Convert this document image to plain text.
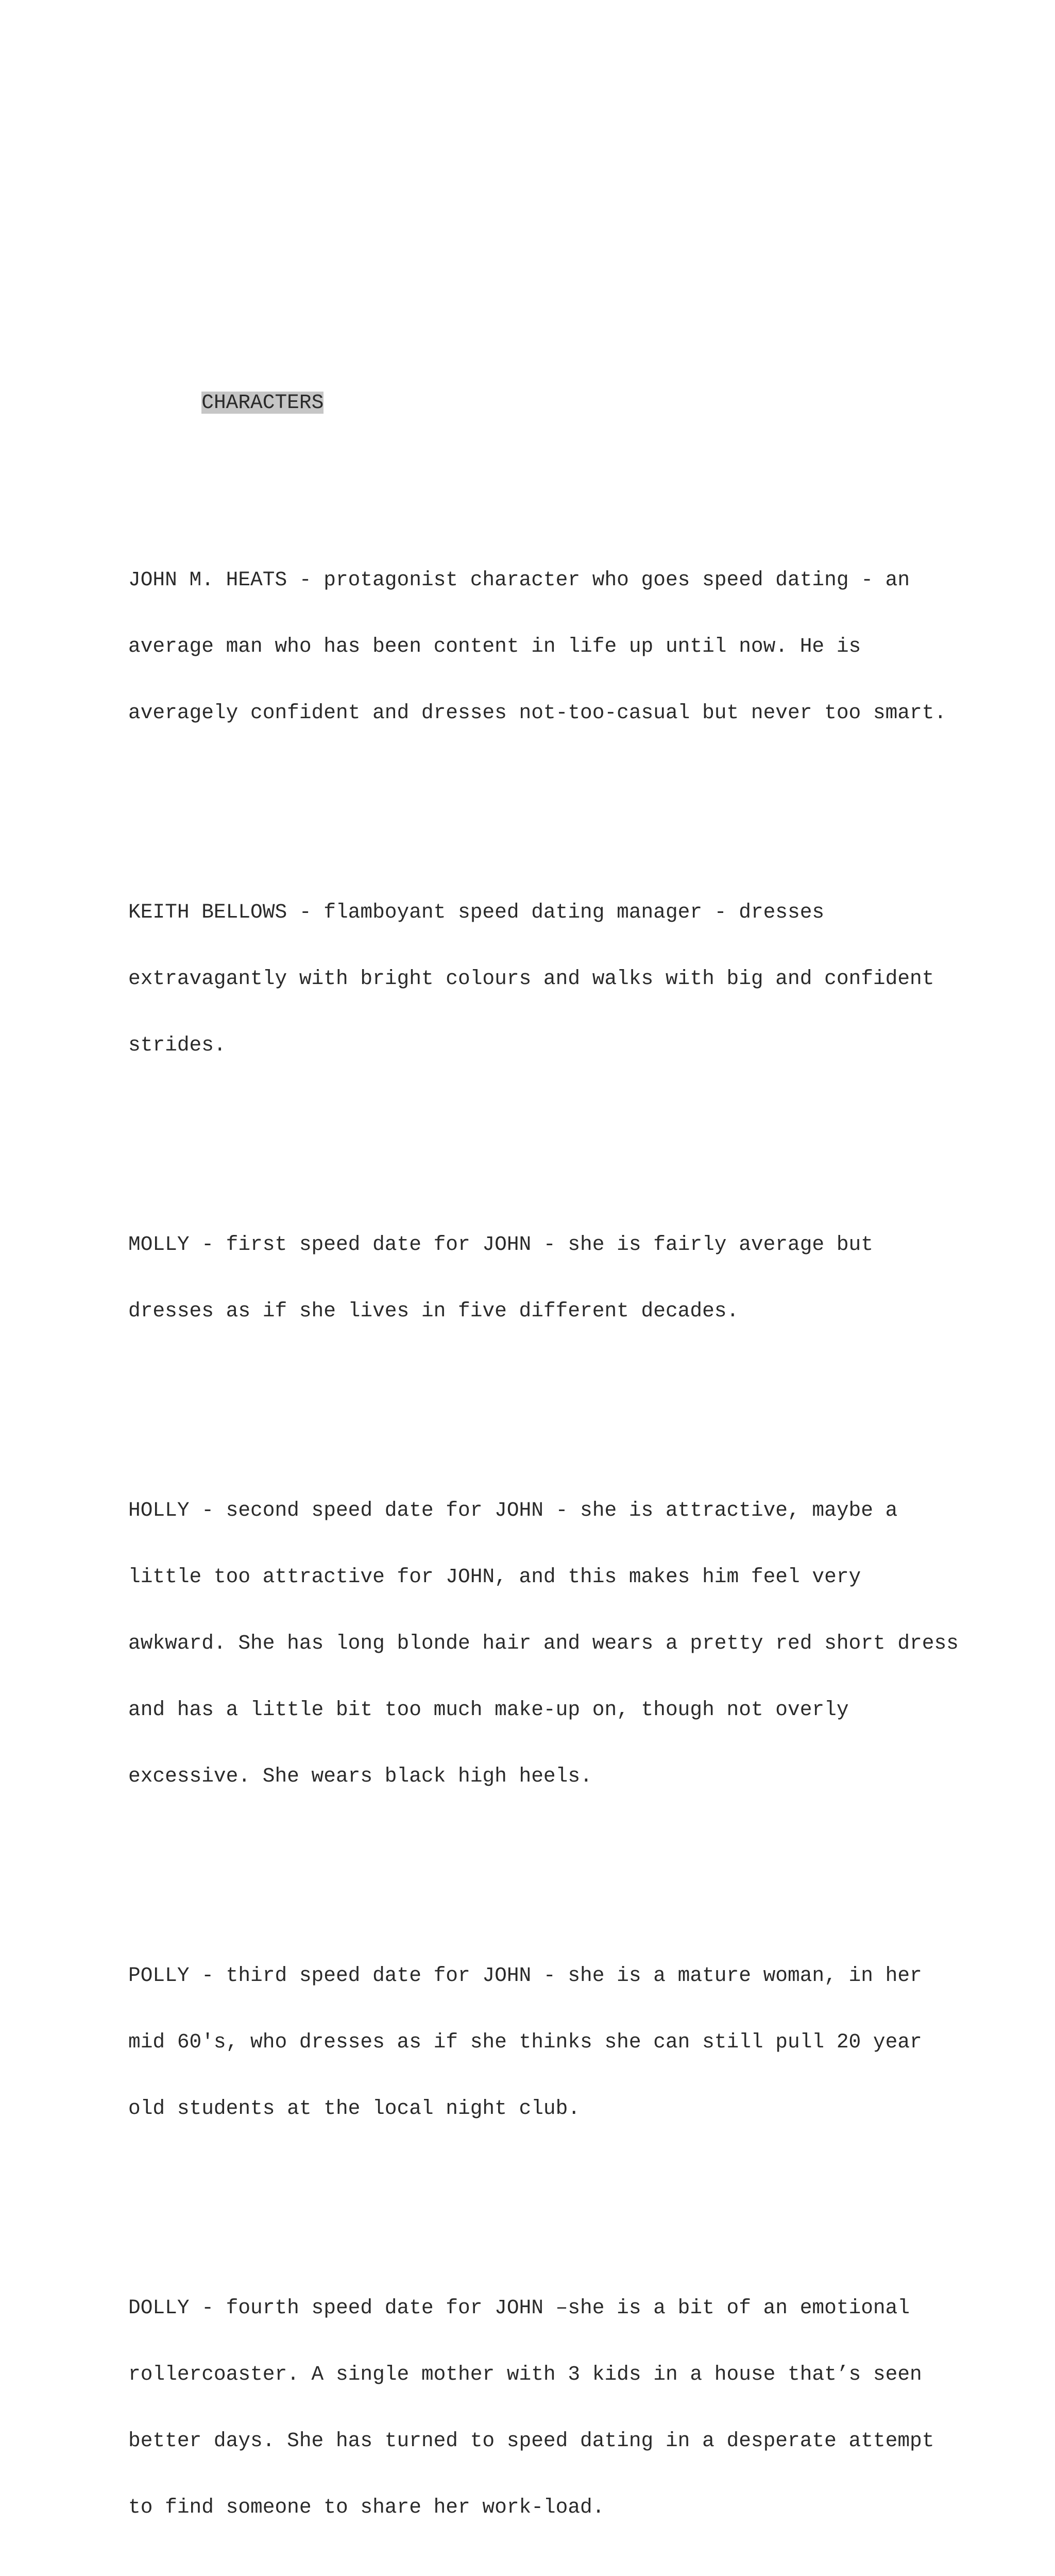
CHARACTERS

JOHN M. HEATS - protagonist character who goes speed dating - an

average man who has been content in life up until now. He is

averagely confident and dresses not-too-casual but never too smart.

KEITH BELLOWS - flamboyant speed dating manager - dresses

extravagantly with bright colours and walks with big and confident

strides.

MOLLY - first speed date for JOHN - she is fairly average but

dresses as if she lives in five different decades.

HOLLY - second speed date for JOHN - she is attractive, maybe a

little too attractive for JOHN, and this makes him feel very

awkward. She has long blonde hair and wears a pretty red short dress

and has a little bit too much make-up on, though not overly

excessive. She wears black high heels.

POLLY - third speed date for JOHN - she is a mature woman, in her

mid 60's, who dresses as if she thinks she can still pull 20 year

old students at the local night club.

DOLLY - fourth speed date for JOHN –she is a bit of an emotional

rollercoaster. A single mother with 3 kids in a house that’s seen

better days. She has turned to speed dating in a desperate attempt

to find someone to share her work-load.
